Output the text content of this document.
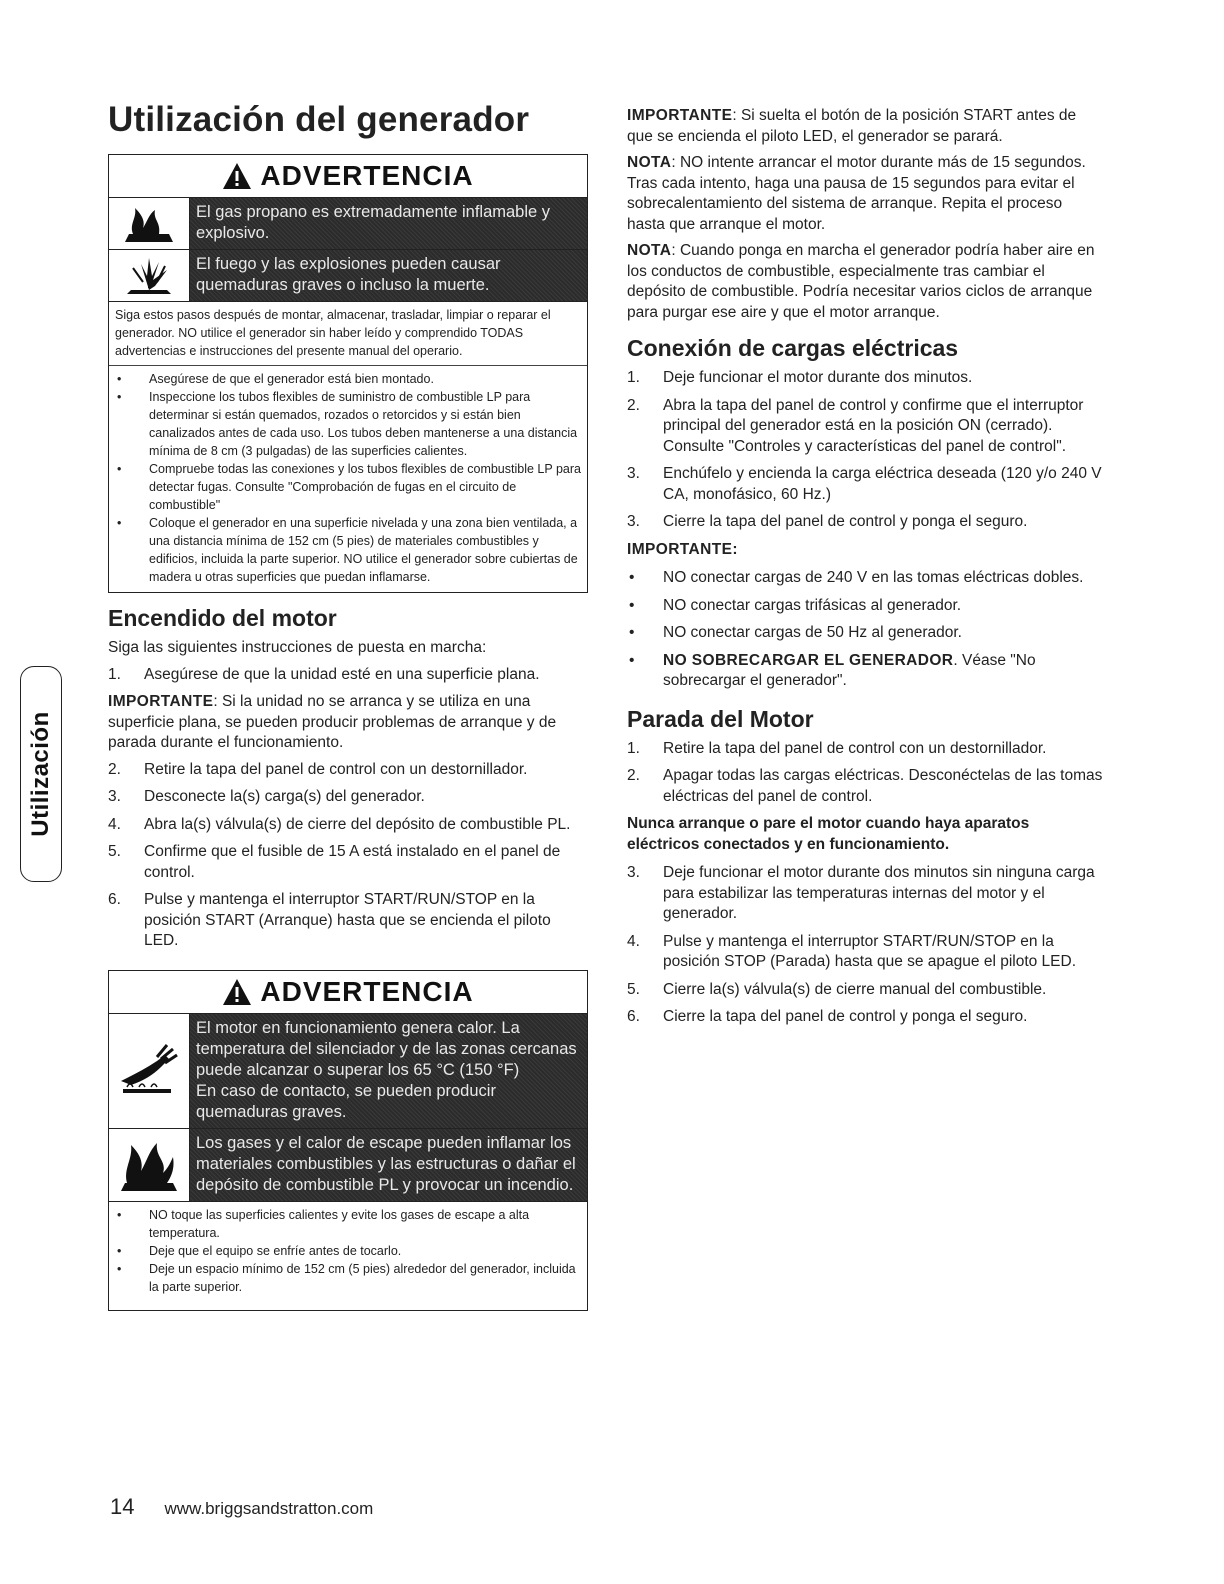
Utilización
Utilización del generador
ADVERTENCIA
El gas propano es extremadamente inflamable y explosivo.
El fuego y las explosiones pueden causar quemaduras graves o incluso la muerte.

Siga estos pasos después de montar, almacenar, trasladar, limpiar o reparar el generador. NO utilice el generador sin haber leído y comprendido TODAS advertencias e instrucciones del presente manual del operario.

• Asegúrese de que el generador está bien montado.
• Inspeccione los tubos flexibles de suministro de combustible LP para determinar si están quemados, rozados o retorcidos y si están bien canalizados antes de cada uso. Los tubos deben mantenerse a una distancia mínima de 8 cm (3 pulgadas) de las superficies calientes.
• Compruebe todas las conexiones y los tubos flexibles de combustible LP para detectar fugas. Consulte "Comprobación de fugas en el circuito de combustible"
• Coloque el generador en una superficie nivelada y una zona bien ventilada, a una distancia mínima de 152 cm (5 pies) de materiales combustibles y edificios, incluida la parte superior. NO utilice el generador sobre cubiertas de madera u otras superficies que puedan inflamarse.
Encendido del motor

Siga las siguientes instrucciones de puesta en marcha:

1.	Asegúrese de que la unidad esté en una superficie plana.

IMPORTANTE: Si la unidad no se arranca y se utiliza en una superficie plana, se pueden producir problemas de arranque y de parada durante el funcionamiento.

2.	Retire la tapa del panel de control con un destornillador.
3.	Desconecte la(s) carga(s) del generador.
4.	Abra la(s) válvula(s) de cierre del depósito de combustible PL.
5.	Confirme que el fusible de 15 A está instalado en el panel de control.
6.	Pulse y mantenga el interruptor START/RUN/STOP en la posición START (Arranque) hasta que se encienda el piloto LED.
ADVERTENCIA
El motor en funcionamiento genera calor. La temperatura del silenciador y de las zonas cercanas puede alcanzar o superar los 65 °C (150 °F)
En caso de contacto, se pueden producir quemaduras graves.
Los gases y el calor de escape pueden inflamar los materiales combustibles y las estructuras o dañar el depósito de combustible PL y provocar un incendio.
• NO toque las superficies calientes y evite los gases de escape a alta temperatura.
• Deje que el equipo se enfríe antes de tocarlo.
• Deje un espacio mínimo de 152 cm (5 pies) alrededor del generador, incluida la parte superior.

IMPORTANTE: Si suelta el botón de la posición START antes de que se encienda el piloto LED, el generador se parará.

NOTA: NO intente arrancar el motor durante más de 15 segundos. Tras cada intento, haga una pausa de 15 segundos para evitar el sobrecalentamiento del sistema de arranque. Repita el proceso hasta que arranque el motor.

NOTA: Cuando ponga en marcha el generador podría haber aire en los conductos de combustible, especialmente tras cambiar el depósito de combustible. Podría necesitar varios ciclos de arranque para purgar ese aire y que el motor arranque.

Conexión de cargas eléctricas
1.	Deje funcionar el motor durante dos minutos.
2.	Abra la tapa del panel de control y confirme que el interruptor principal del generador está en la posición ON (cerrado). Consulte "Controles y características del panel de control".
3.	Enchúfelo y encienda la carga eléctrica deseada (120 y/o 240 V CA, monofásico, 60 Hz.)
3.	Cierre la tapa del panel de control y ponga el seguro.

IMPORTANTE:

•	NO conectar cargas de 240 V en las tomas eléctricas dobles.
•	NO conectar cargas trifásicas al generador.
•	NO conectar cargas de 50 Hz al generador.
•	NO SOBRECARGAR EL GENERADOR. Véase "No sobrecargar el generador".
Parada del Motor
1.	Retire la tapa del panel de control con un destornillador.
2.	Apagar todas las cargas eléctricas. Desconéctelas de las tomas eléctricas del panel de control.

Nunca arranque o pare el motor cuando haya aparatos eléctricos conectados y en funcionamiento.

3.	Deje funcionar el motor durante dos minutos sin ninguna carga para estabilizar las temperaturas internas del motor y el generador.
4.	Pulse y mantenga el interruptor START/RUN/STOP en la posición STOP (Parada) hasta que se apague el piloto LED.
5.	Cierre la(s) válvula(s) de cierre manual del combustible.
6.	Cierre la tapa del panel de control y ponga el seguro.
14 www.briggsandstratton.com
